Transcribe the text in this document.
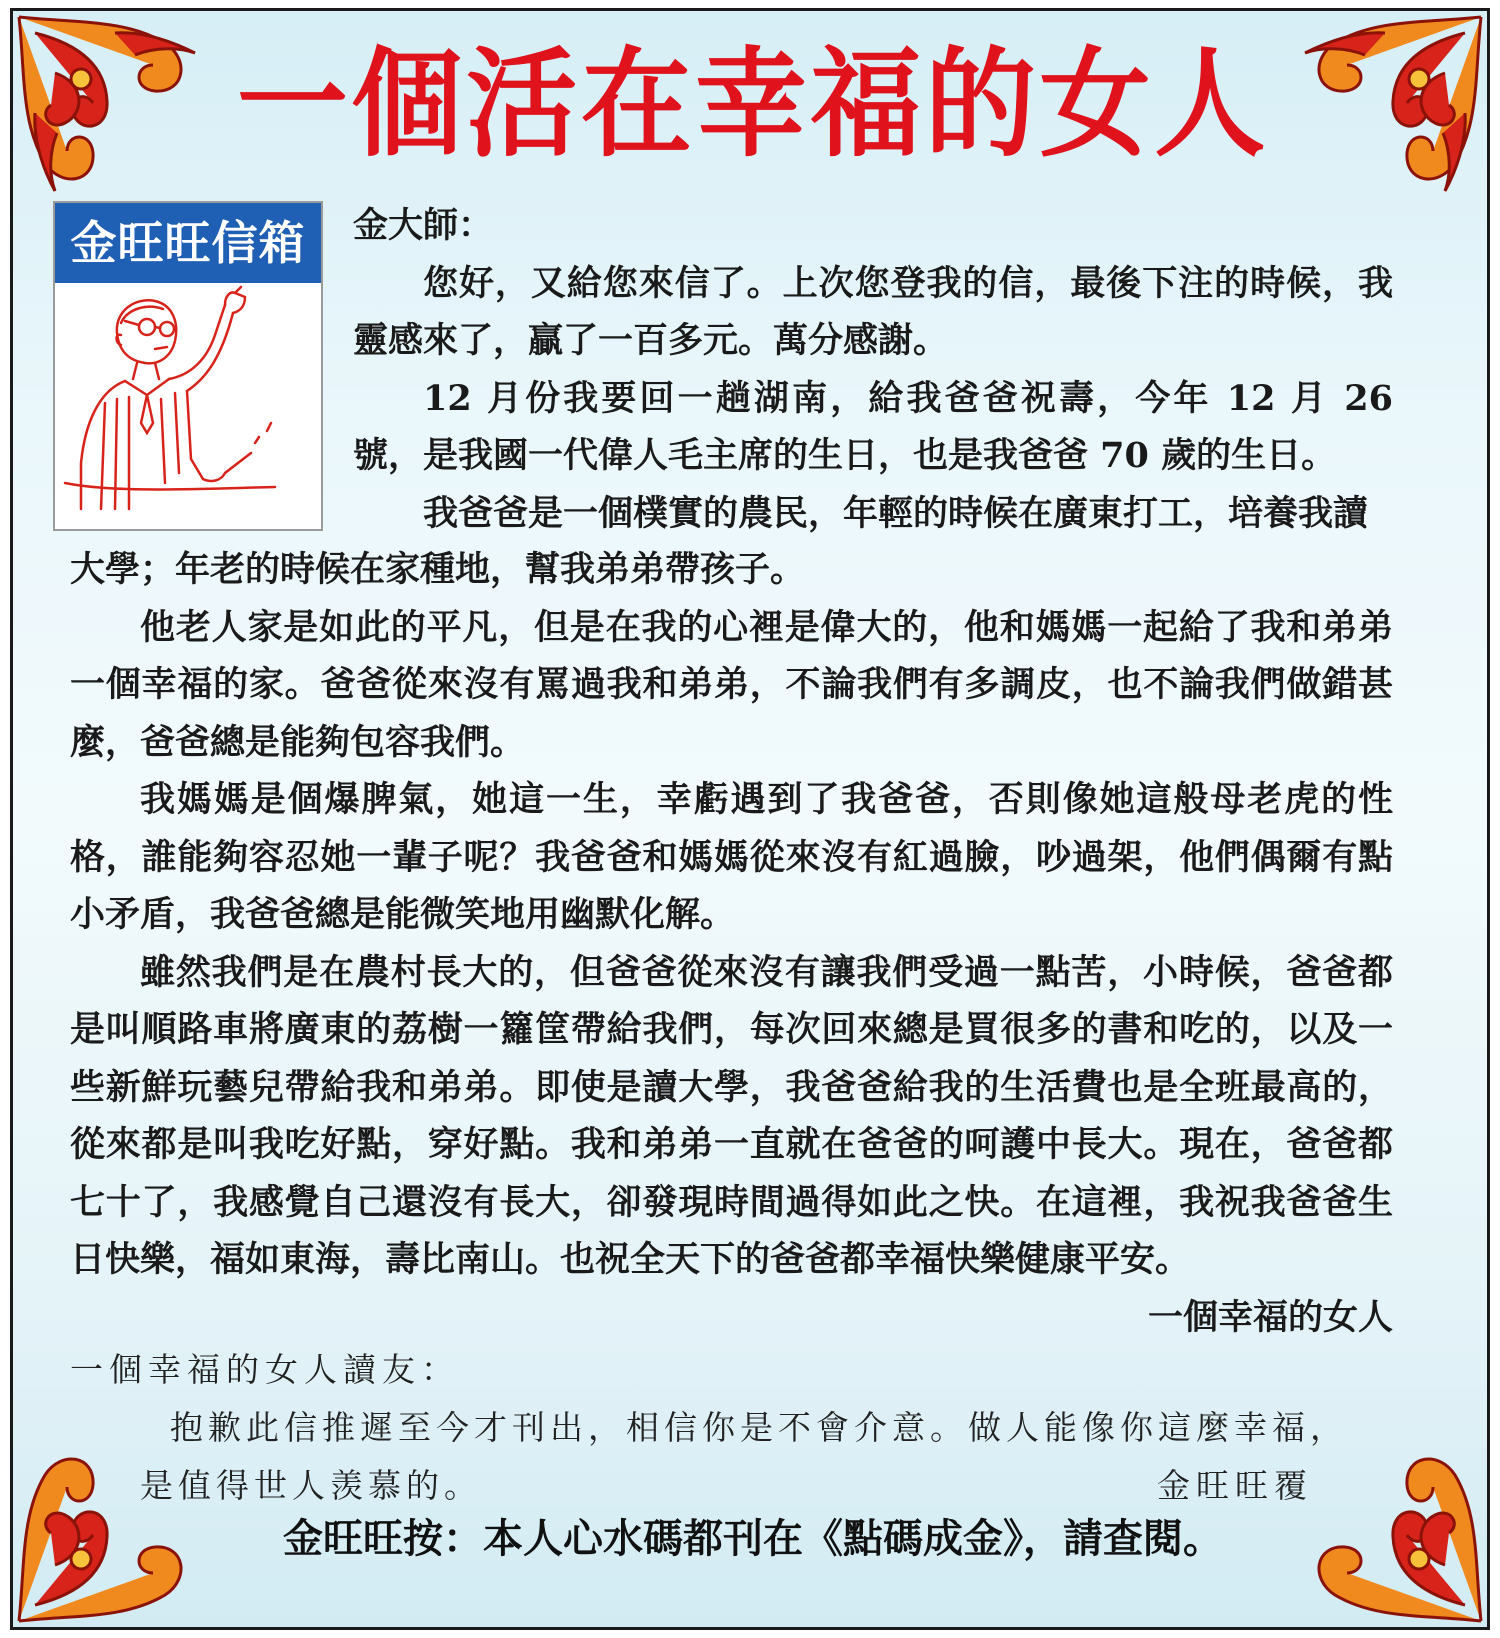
一個活在幸福的女人
金旺旺信箱	金大師：

您好，又給您來信了。上次您登我的信，最後下注的時候，我靈感來了，贏了一百多元。萬分感謝。

12 月份我要回一趟湖南，給我爸爸祝壽，今年 12 月 26 號，是我國一代偉人毛主席的生日，也是我爸爸 70 歲的生日。

我爸爸是一個樸實的農民，年輕的時候在廣東打工，培養我讀

大學；年老的時候在家種地，幫我弟弟帶孩子。

他老人家是如此的平凡，但是在我的心裡是偉大的，他和媽媽一起給了我和弟弟一個幸福的家。爸爸從來沒有罵過我和弟弟，不論我們有多調皮，也不論我們做錯甚麼，爸爸總是能夠包容我們。

我媽媽是個爆脾氣，她這一生，幸虧遇到了我爸爸，否則像她這般母老虎的性格，誰能夠容忍她一輩子呢？我爸爸和媽媽從來沒有紅過臉，吵過架，他們偶爾有點小矛盾，我爸爸總是能微笑地用幽默化解。

雖然我們是在農村長大的，但爸爸從來沒有讓我們受過一點苦，小時候，爸爸都是叫順路車將廣東的荔樹一籮筐帶給我們，每次回來總是買很多的書和吃的，以及一些新鮮玩藝兒帶給我和弟弟。即使是讀大學，我爸爸給我的生活費也是全班最高的，從來都是叫我吃好點，穿好點。我和弟弟一直就在爸爸的呵護中長大。現在，爸爸都七十了，我感覺自己還沒有長大，卻發現時間過得如此之快。在這裡，我祝我爸爸生日快樂，福如東海，壽比南山。也祝全天下的爸爸都幸福快樂健康平安。

一個幸福的女人

一個幸福的女人讀友：

抱歉此信推遲至今才刊出，相信你是不會介意。做人能像你這麼幸福，

是值得世人羡慕的。	金旺旺覆
金旺旺按：本人心水碼都刊在《點碼成金》，請查閱。
